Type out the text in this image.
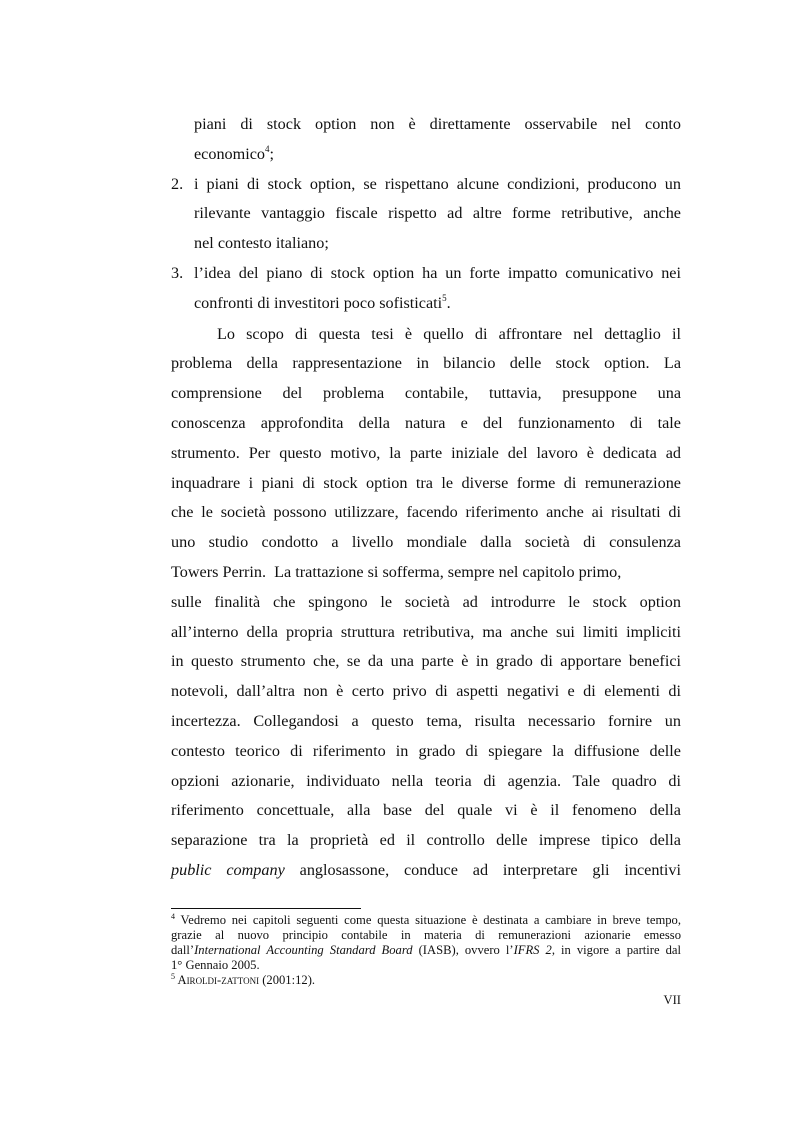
piani di stock option non è direttamente osservabile nel conto
economico$^4$;
2. i piani di stock option, se rispettano alcune condizioni, producono un
rilevante vantaggio fiscale rispetto ad altre forme retributive, anche
nel contesto italiano;
3. l’idea del piano di stock option ha un forte impatto comunicativo nei
confronti di investitori poco sofisticati$^5$.
Lo scopo di questa tesi è quello di affrontare nel dettaglio il
problema della rappresentazione in bilancio delle stock option. La
comprensione del problema contabile, tuttavia, presuppone una
conoscenza approfondita della natura e del funzionamento di tale
strumento. Per questo motivo, la parte iniziale del lavoro è dedicata ad
inquadrare i piani di stock option tra le diverse forme di remunerazione
che le società possono utilizzare, facendo riferimento anche ai risultati di
uno studio condotto a livello mondiale dalla società di consulenza
Towers Perrin.  La trattazione si sofferma, sempre nel capitolo primo,
sulle finalità che spingono le società ad introdurre le stock option
all’interno della propria struttura retributiva, ma anche sui limiti impliciti
in questo strumento che, se da una parte è in grado di apportare benefici
notevoli, dall’altra non è certo privo di aspetti negativi e di elementi di
incertezza. Collegandosi a questo tema, risulta necessario fornire un
contesto teorico di riferimento in grado di spiegare la diffusione delle
opzioni azionarie, individuato nella teoria di agenzia. Tale quadro di
riferimento concettuale, alla base del quale vi è il fenomeno della
separazione tra la proprietà ed il controllo delle imprese tipico della
public company anglosassone, conduce ad interpretare gli incentivi
$^4$ Vedremo nei capitoli seguenti come questa situazione è destinata a cambiare in breve tempo,
grazie al nuovo principio contabile in materia di remunerazioni azionarie emesso
dall’International Accounting Standard Board (IASB), ovvero l’IFRS 2, in vigore a partire dal
1° Gennaio 2005.
$^5$ Airoldi-zattoni (2001:12).
VII
